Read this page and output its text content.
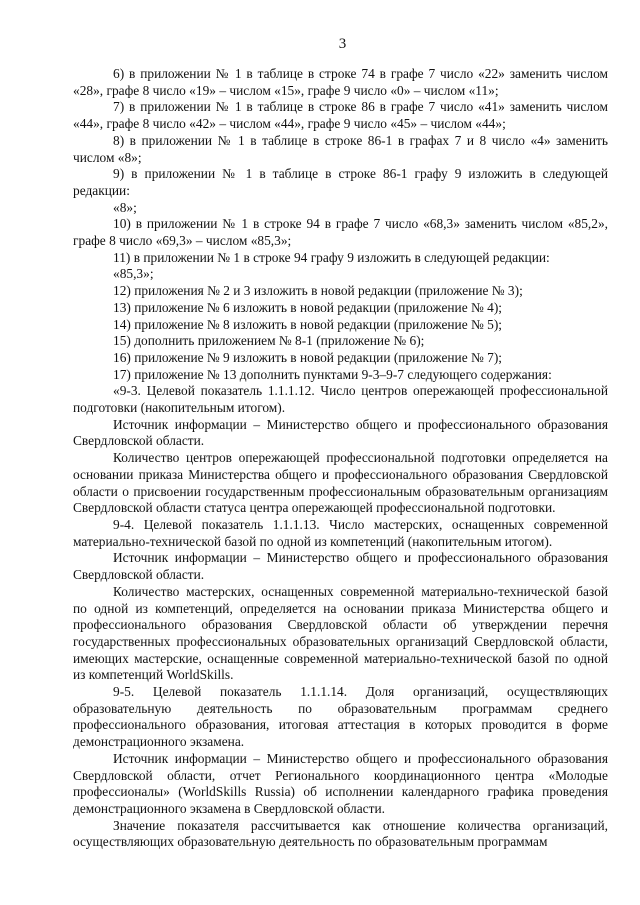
3

6) в приложении № 1 в таблице в строке 74 в графе 7 число «22» заменить числом «28», графе 8 число «19» – числом «15», графе 9 число «0» – числом «11»;

7) в приложении № 1 в таблице в строке 86 в графе 7 число «41» заменить числом «44», графе 8 число «42» – числом «44», графе 9 число «45» – числом «44»;

8) в приложении № 1 в таблице в строке 86-1 в графах 7 и 8 число «4» заменить числом «8»;

9) в приложении № 1 в таблице в строке 86-1 графу 9 изложить в следующей редакции:

«8»;

10) в приложении № 1 в строке 94 в графе 7 число «68,3» заменить числом «85,2», графе 8 число «69,3» – числом «85,3»;

11) в приложении № 1 в строке 94 графу 9 изложить в следующей редакции:

«85,3»;

12) приложения № 2 и 3 изложить в новой редакции (приложение № 3);

13) приложение № 6 изложить в новой редакции (приложение № 4);

14) приложение № 8 изложить в новой редакции (приложение № 5);

15) дополнить приложением № 8-1 (приложение № 6);

16) приложение № 9 изложить в новой редакции (приложение № 7);

17) приложение № 13 дополнить пунктами 9-3–9-7 следующего содержания:

«9-3. Целевой показатель 1.1.1.12. Число центров опережающей профессиональной подготовки (накопительным итогом).

Источник информации – Министерство общего и профессионального образования Свердловской области.

Количество центров опережающей профессиональной подготовки определяется на основании приказа Министерства общего и профессионального образования Свердловской области о присвоении государственным профессиональным образовательным организациям Свердловской области статуса центра опережающей профессиональной подготовки.

9-4. Целевой показатель 1.1.1.13. Число мастерских, оснащенных современной материально-технической базой по одной из компетенций (накопительным итогом).

Источник информации – Министерство общего и профессионального образования Свердловской области.

Количество мастерских, оснащенных современной материально-технической базой по одной из компетенций, определяется на основании приказа Министерства общего и профессионального образования Свердловской области об утверждении перечня государственных профессиональных образовательных организаций Свердловской области, имеющих мастерские, оснащенные современной материально-технической базой по одной из компетенций WorldSkills.

9-5. Целевой показатель 1.1.1.14. Доля организаций, осуществляющих образовательную деятельность по образовательным программам среднего профессионального образования, итоговая аттестация в которых проводится в форме демонстрационного экзамена.

Источник информации – Министерство общего и профессионального образования Свердловской области, отчет Регионального координационного центра «Молодые профессионалы» (WorldSkills Russia) об исполнении календарного графика проведения демонстрационного экзамена в Свердловской области.

Значение показателя рассчитывается как отношение количества организаций, осуществляющих образовательную деятельность по образовательным программам
